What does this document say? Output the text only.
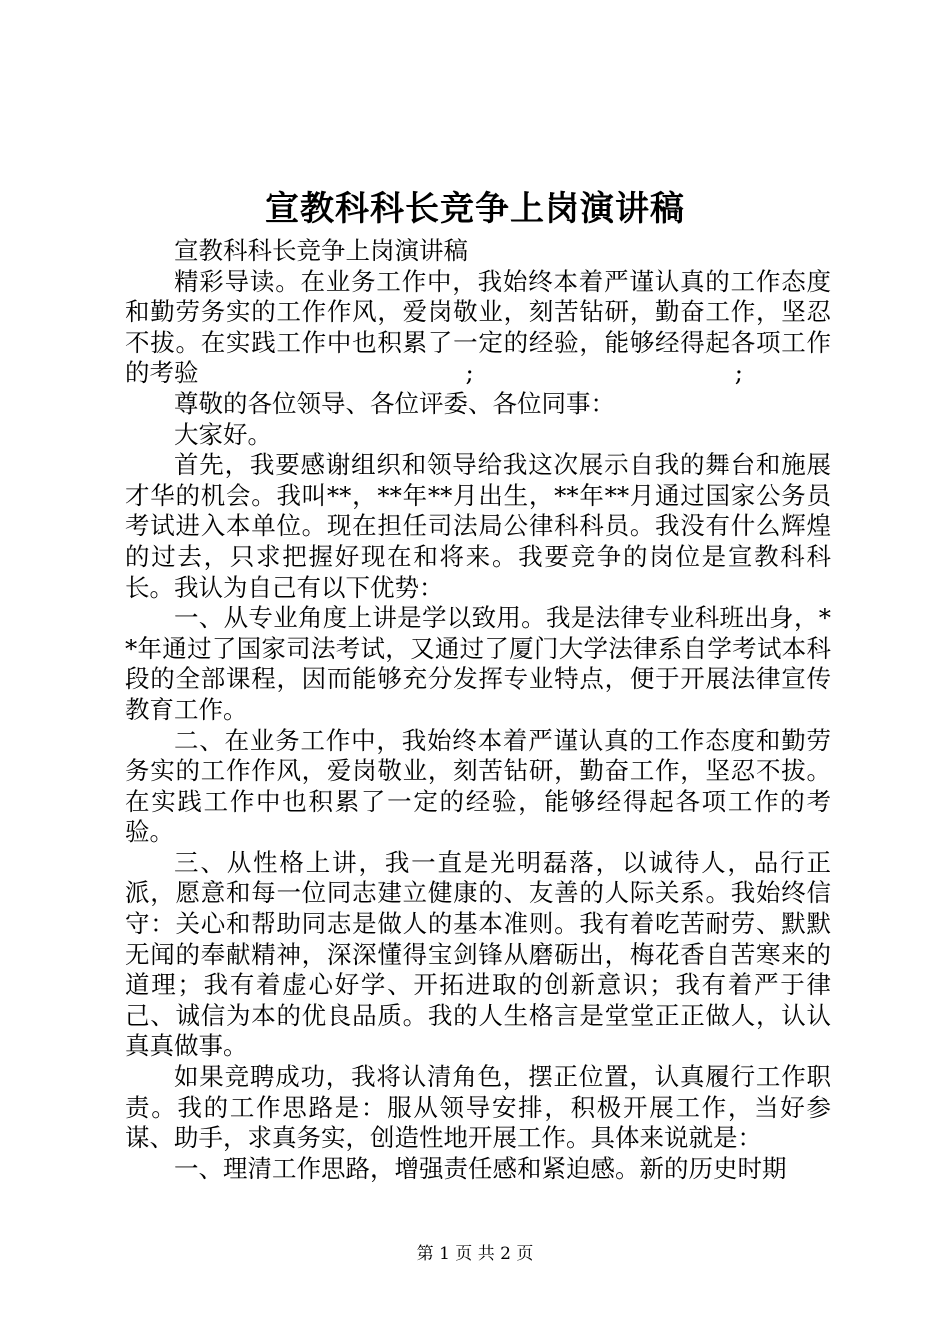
宣教科科长竞争上岗演讲稿

宣教科科长竞争上岗演讲稿

精彩导读。在业务工作中，我始终本着严谨认真的工作态度和勤劳务实的工作作风，爱岗敬业，刻苦钻研，勤奋工作，坚忍不拔。在实践工作中也积累了一定的经验，能够经得起各项工作的考验	;	;

尊敬的各位领导、各位评委、各位同事：

大家好。

首先，我要感谢组织和领导给我这次展示自我的舞台和施展才华的机会。我叫**，**年**月出生，**年**月通过国家公务员考试进入本单位。现在担任司法局公律科科员。我没有什么辉煌的过去，只求把握好现在和将来。我要竞争的岗位是宣教科科长。我认为自己有以下优势：

一、从专业角度上讲是学以致用。我是法律专业科班出身，**年通过了国家司法考试，又通过了厦门大学法律系自学考试本科段的全部课程，因而能够充分发挥专业特点，便于开展法律宣传教育工作。

二、在业务工作中，我始终本着严谨认真的工作态度和勤劳务实的工作作风，爱岗敬业，刻苦钻研，勤奋工作，坚忍不拔。在实践工作中也积累了一定的经验，能够经得起各项工作的考验。

三、从性格上讲，我一直是光明磊落，以诚待人，品行正派，愿意和每一位同志建立健康的、友善的人际关系。我始终信守：关心和帮助同志是做人的基本准则。我有着吃苦耐劳、默默无闻的奉献精神，深深懂得宝剑锋从磨砺出，梅花香自苦寒来的道理；我有着虚心好学、开拓进取的创新意识；我有着严于律己、诚信为本的优良品质。我的人生格言是堂堂正正做人，认认真真做事。

如果竞聘成功，我将认清角色，摆正位置，认真履行工作职责。我的工作思路是：服从领导安排，积极开展工作，当好参谋、助手，求真务实，创造性地开展工作。具体来说就是：

一、理清工作思路，增强责任感和紧迫感。新的历史时期

第 1 页 共 2 页
